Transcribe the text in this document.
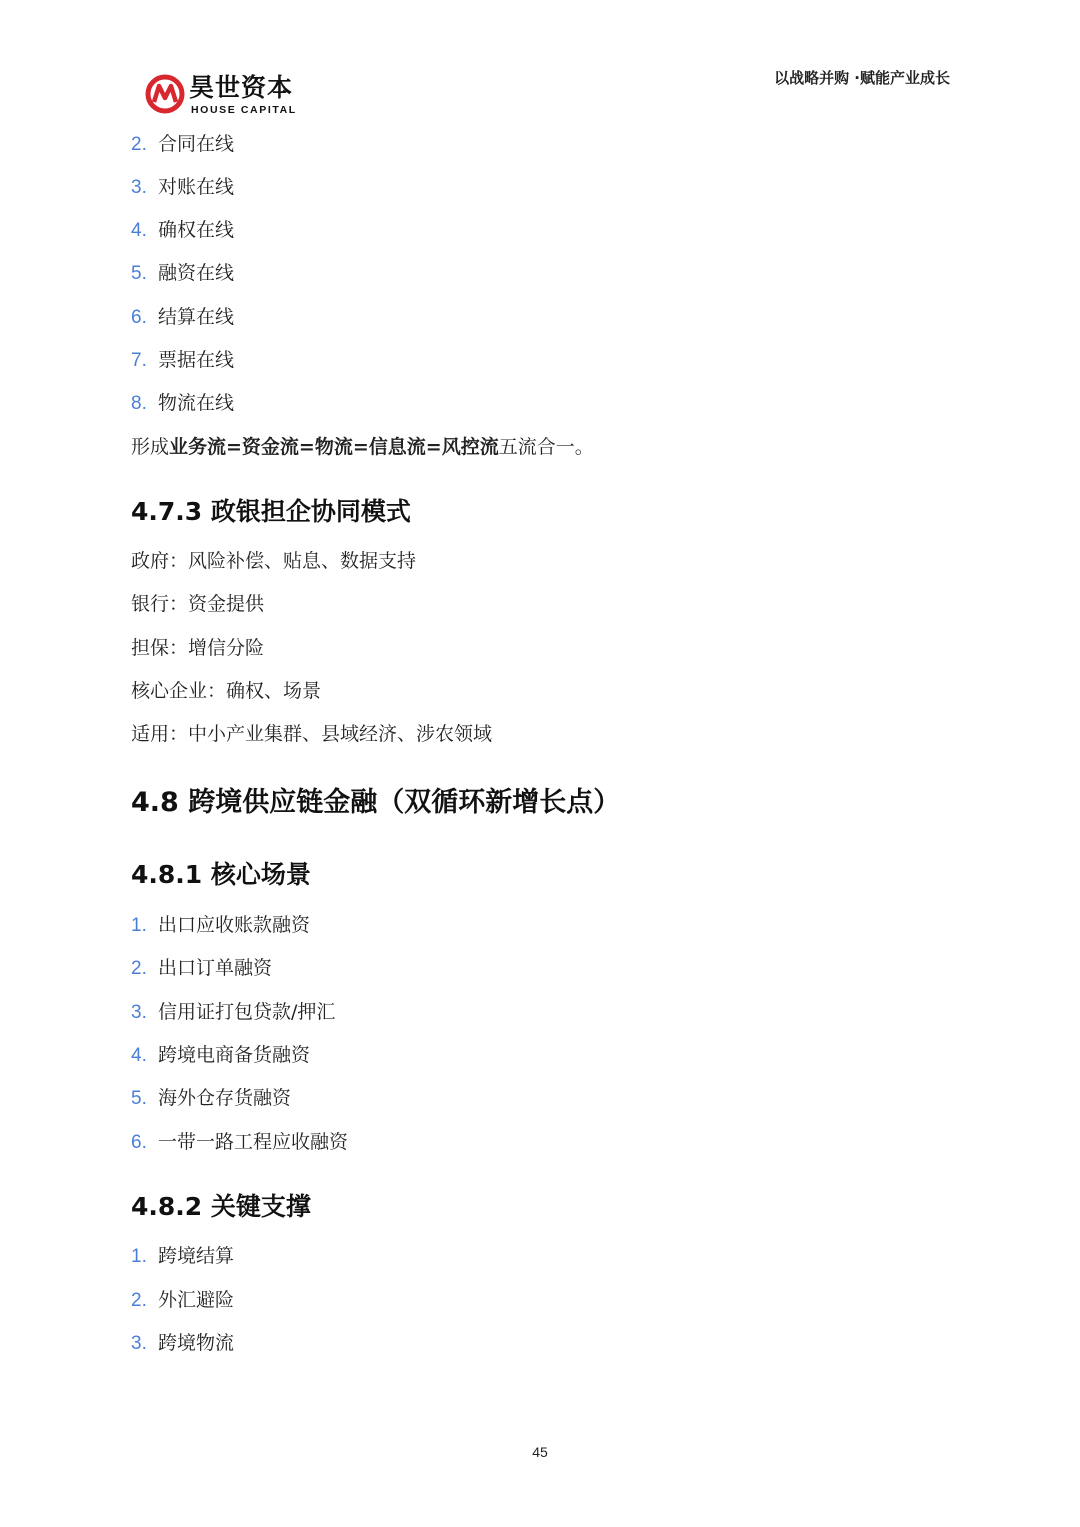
昊世资本
HOUSE CAPITAL
以战略并购 ·赋能产业成长
2. 合同在线
3. 对账在线
4. 确权在线
5. 融资在线
6. 结算在线
7. 票据在线
8. 物流在线
形成业务流=资金流=物流=信息流=风控流五流合一。
4.7.3 政银担企协同模式
政府：风险补偿、贴息、数据支持
银行：资金提供
担保：增信分险
核心企业：确权、场景
适用：中小产业集群、县域经济、涉农领域
4.8 跨境供应链金融（双循环新增长点）
4.8.1 核心场景
1. 出口应收账款融资
2. 出口订单融资
3. 信用证打包贷款/押汇
4. 跨境电商备货融资
5. 海外仓存货融资
6. 一带一路工程应收融资
4.8.2 关键支撑
1. 跨境结算
2. 外汇避险
3. 跨境物流
45
